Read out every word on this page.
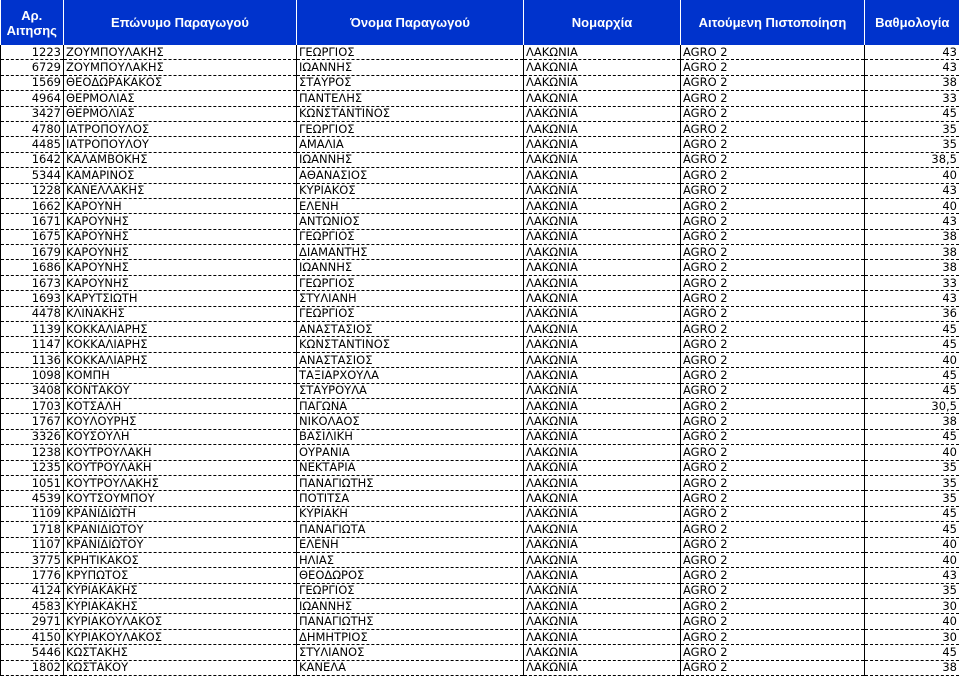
Αρ. Αιτησης	Επώνυμο Παραγωγού	Όνομα Παραγωγού	Νομαρχία	Αιτούμενη Πιστοποίηση	Βαθμολογία
1223	ΖΟΥΜΠΟΥΛΑΚΗΣ	ΓΕΩΡΓΙΟΣ	ΛΑΚΩΝΙΑ	AGRO 2	43
6729	ΖΟΥΜΠΟΥΛΑΚΗΣ	ΙΩΑΝΝΗΣ	ΛΑΚΩΝΙΑ	AGRO 2	43
1569	ΘΕΟΔΩΡΑΚΑΚΟΣ	ΣΤΑΥΡΟΣ	ΛΑΚΩΝΙΑ	AGRO 2	38
4964	ΘΕΡΜΟΛΙΑΣ	ΠΑΝΤΕΛΗΣ	ΛΑΚΩΝΙΑ	AGRO 2	33
3427	ΘΕΡΜΟΛΙΑΣ	ΚΩΝΣΤΑΝΤΙΝΟΣ	ΛΑΚΩΝΙΑ	AGRO 2	45
4780	ΙΑΤΡΟΠΟΥΛΟΣ	ΓΕΩΡΓΙΟΣ	ΛΑΚΩΝΙΑ	AGRO 2	35
4485	ΙΑΤΡΟΠΟΥΛΟΥ	ΑΜΑΛΙΑ	ΛΑΚΩΝΙΑ	AGRO 2	35
1642	ΚΑΛΑΜΒΟΚΗΣ	ΙΩΑΝΝΗΣ	ΛΑΚΩΝΙΑ	AGRO 2	38,5
5344	ΚΑΜΑΡΙΝΟΣ	ΑΘΑΝΑΣΙΟΣ	ΛΑΚΩΝΙΑ	AGRO 2	40
1228	ΚΑΝΕΛΛΑΚΗΣ	ΚΥΡΙΑΚΟΣ	ΛΑΚΩΝΙΑ	AGRO 2	43
1662	ΚΑΡΟΥΝΗ	ΕΛΕΝΗ	ΛΑΚΩΝΙΑ	AGRO 2	40
1671	ΚΑΡΟΥΝΗΣ	ΑΝΤΩΝΙΟΣ	ΛΑΚΩΝΙΑ	AGRO 2	43
1675	ΚΑΡΟΥΝΗΣ	ΓΕΩΡΓΙΟΣ	ΛΑΚΩΝΙΑ	AGRO 2	38
1679	ΚΑΡΟΥΝΗΣ	ΔΙΑΜΑΝΤΗΣ	ΛΑΚΩΝΙΑ	AGRO 2	38
1686	ΚΑΡΟΥΝΗΣ	ΙΩΑΝΝΗΣ	ΛΑΚΩΝΙΑ	AGRO 2	38
1673	ΚΑΡΟΥΝΗΣ	ΓΕΩΡΓΙΟΣ	ΛΑΚΩΝΙΑ	AGRO 2	33
1693	ΚΑΡΥΤΣΙΩΤΗ	ΣΤΥΛΙΑΝΗ	ΛΑΚΩΝΙΑ	AGRO 2	43
4478	ΚΛΙΝΑΚΗΣ	ΓΕΩΡΓΙΟΣ	ΛΑΚΩΝΙΑ	AGRO 2	36
1139	ΚΟΚΚΑΛΙΑΡΗΣ	ΑΝΑΣΤΑΣΙΟΣ	ΛΑΚΩΝΙΑ	AGRO 2	45
1147	ΚΟΚΚΑΛΙΑΡΗΣ	ΚΩΝΣΤΑΝΤΙΝΟΣ	ΛΑΚΩΝΙΑ	AGRO 2	45
1136	ΚΟΚΚΑΛΙΑΡΗΣ	ΑΝΑΣΤΑΣΙΟΣ	ΛΑΚΩΝΙΑ	AGRO 2	40
1098	ΚΟΜΠΗ	ΤΑΞΙΑΡΧΟΥΛΑ	ΛΑΚΩΝΙΑ	AGRO 2	45
3408	ΚΟΝΤΑΚΟΥ	ΣΤΑΥΡΟΥΛΑ	ΛΑΚΩΝΙΑ	AGRO 2	45
1703	ΚΟΤΣΑΛΗ	ΠΑΓΩΝΑ	ΛΑΚΩΝΙΑ	AGRO 2	30,5
1767	ΚΟΥΛΟΥΡΗΣ	ΝΙΚΟΛΑΟΣ	ΛΑΚΩΝΙΑ	AGRO 2	38
3326	ΚΟΥΣΟΥΛΗ	ΒΑΣΙΛΙΚΗ	ΛΑΚΩΝΙΑ	AGRO 2	45
1238	ΚΟΥΤΡΟΥΛΑΚΗ	ΟΥΡΑΝΙΑ	ΛΑΚΩΝΙΑ	AGRO 2	40
1235	ΚΟΥΤΡΟΥΛΑΚΗ	ΝΕΚΤΑΡΙΑ	ΛΑΚΩΝΙΑ	AGRO 2	35
1051	ΚΟΥΤΡΟΥΛΑΚΗΣ	ΠΑΝΑΓΙΩΤΗΣ	ΛΑΚΩΝΙΑ	AGRO 2	35
4539	ΚΟΥΤΣΟΥΜΠΟΥ	ΠΟΤΙΤΣΑ	ΛΑΚΩΝΙΑ	AGRO 2	35
1109	ΚΡΑΝΙΔΙΩΤΗ	ΚΥΡΙΑΚΗ	ΛΑΚΩΝΙΑ	AGRO 2	45
1718	ΚΡΑΝΙΔΙΩΤΟΥ	ΠΑΝΑΓΙΩΤΑ	ΛΑΚΩΝΙΑ	AGRO 2	45
1107	ΚΡΑΝΙΔΙΩΤΟΥ	ΕΛΕΝΗ	ΛΑΚΩΝΙΑ	AGRO 2	40
3775	ΚΡΗΤΙΚΑΚΟΣ	ΗΛΙΑΣ	ΛΑΚΩΝΙΑ	AGRO 2	40
1776	ΚΡΥΠΩΤΟΣ	ΘΕΟΔΩΡΟΣ	ΛΑΚΩΝΙΑ	AGRO 2	43
4124	ΚΥΡΙΑΚΑΚΗΣ	ΓΕΩΡΓΙΟΣ	ΛΑΚΩΝΙΑ	AGRO 2	35
4583	ΚΥΡΙΑΚΑΚΗΣ	ΙΩΑΝΝΗΣ	ΛΑΚΩΝΙΑ	AGRO 2	30
2971	ΚΥΡΙΑΚΟΥΛΑΚΟΣ	ΠΑΝΑΓΙΩΤΗΣ	ΛΑΚΩΝΙΑ	AGRO 2	40
4150	ΚΥΡΙΑΚΟΥΛΑΚΟΣ	ΔΗΜΗΤΡΙΟΣ	ΛΑΚΩΝΙΑ	AGRO 2	30
5446	ΚΩΣΤΑΚΗΣ	ΣΤΥΛΙΑΝΟΣ	ΛΑΚΩΝΙΑ	AGRO 2	45
1802	ΚΩΣΤΑΚΟΥ	ΚΑΝΕΛΑ	ΛΑΚΩΝΙΑ	AGRO 2	38
